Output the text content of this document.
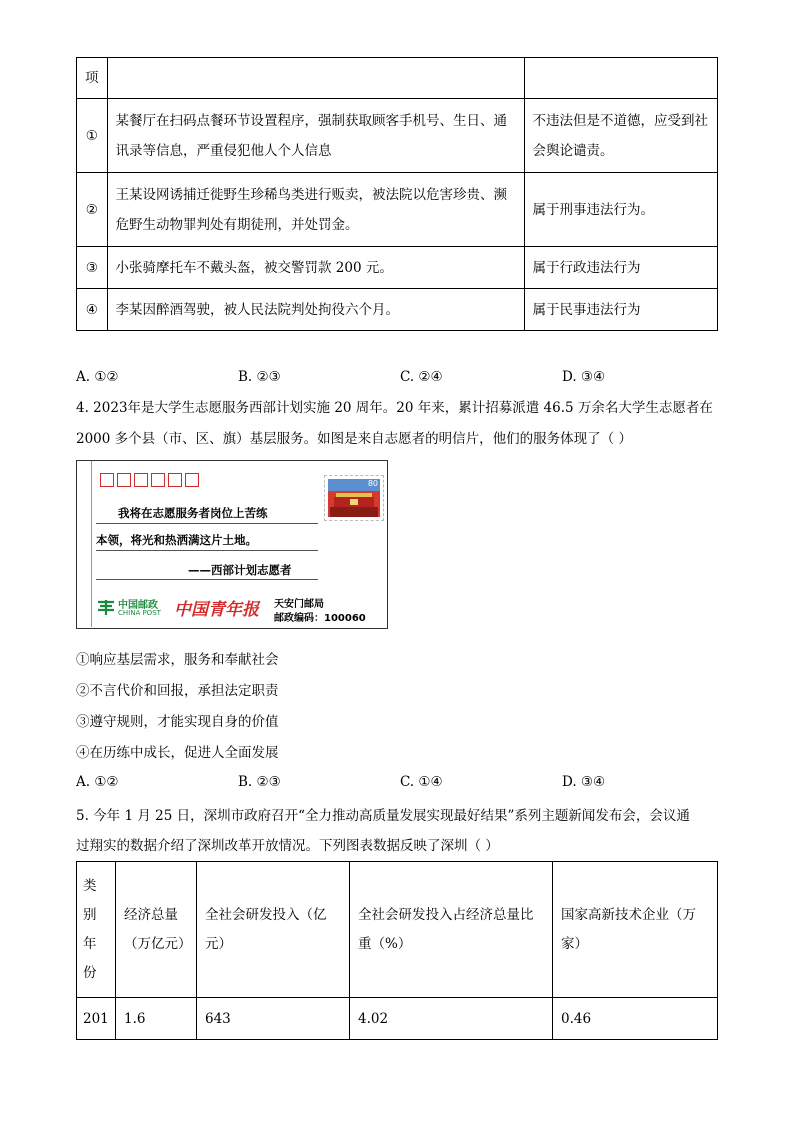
项		
①	某餐厅在扫码点餐环节设置程序，强制获取顾客手机号、生日、通讯录等信息，严重侵犯他人个人信息	不违法但是不道德，应受到社会舆论谴责。
②	王某设网诱捕迁徙野生珍稀鸟类进行贩卖，被法院以危害珍贵、濒危野生动物罪判处有期徒刑，并处罚金。	属于刑事违法行为。
③	小张骑摩托车不戴头盔，被交警罚款 200 元。	属于行政违法行为
④	李某因醉酒驾驶，被人民法院判处拘役六个月。	属于民事违法行为
A. ①②	B. ②③	C. ②④	D. ③④
4. 2023年是大学生志愿服务西部计划实施 20 周年。20 年来，累计招募派遣 46.5 万余名大学生志愿者在
2000 多个县（市、区、旗）基层服务。如图是来自志愿者的明信片，他们的服务体现了（ ）
80
我将在志愿服务者岗位上苦练
本领，将光和热洒满这片土地。
——西部计划志愿者
中国邮政
CHINA POST 中国青年报 天安门邮局
邮政编码：100060
①响应基层需求，服务和奉献社会
②不言代价和回报，承担法定职责
③遵守规则，才能实现自身的价值
④在历练中成长，促进人全面发展
A. ①②	B. ②③	C. ①④	D. ③④
5. 今年 1 月 25 日，深圳市政府召开“全力推动高质量发展实现最好结果”系列主题新闻发布会，会议通
过翔实的数据介绍了深圳改革开放情况。下列图表数据反映了深圳（ ）
类
别
年
份	经济总量（万亿元）	全社会研发投入（亿元）	全社会研发投入占经济总量比重（%）	国家高新技术企业（万家）
201	1.6	643	4.02	0.46
